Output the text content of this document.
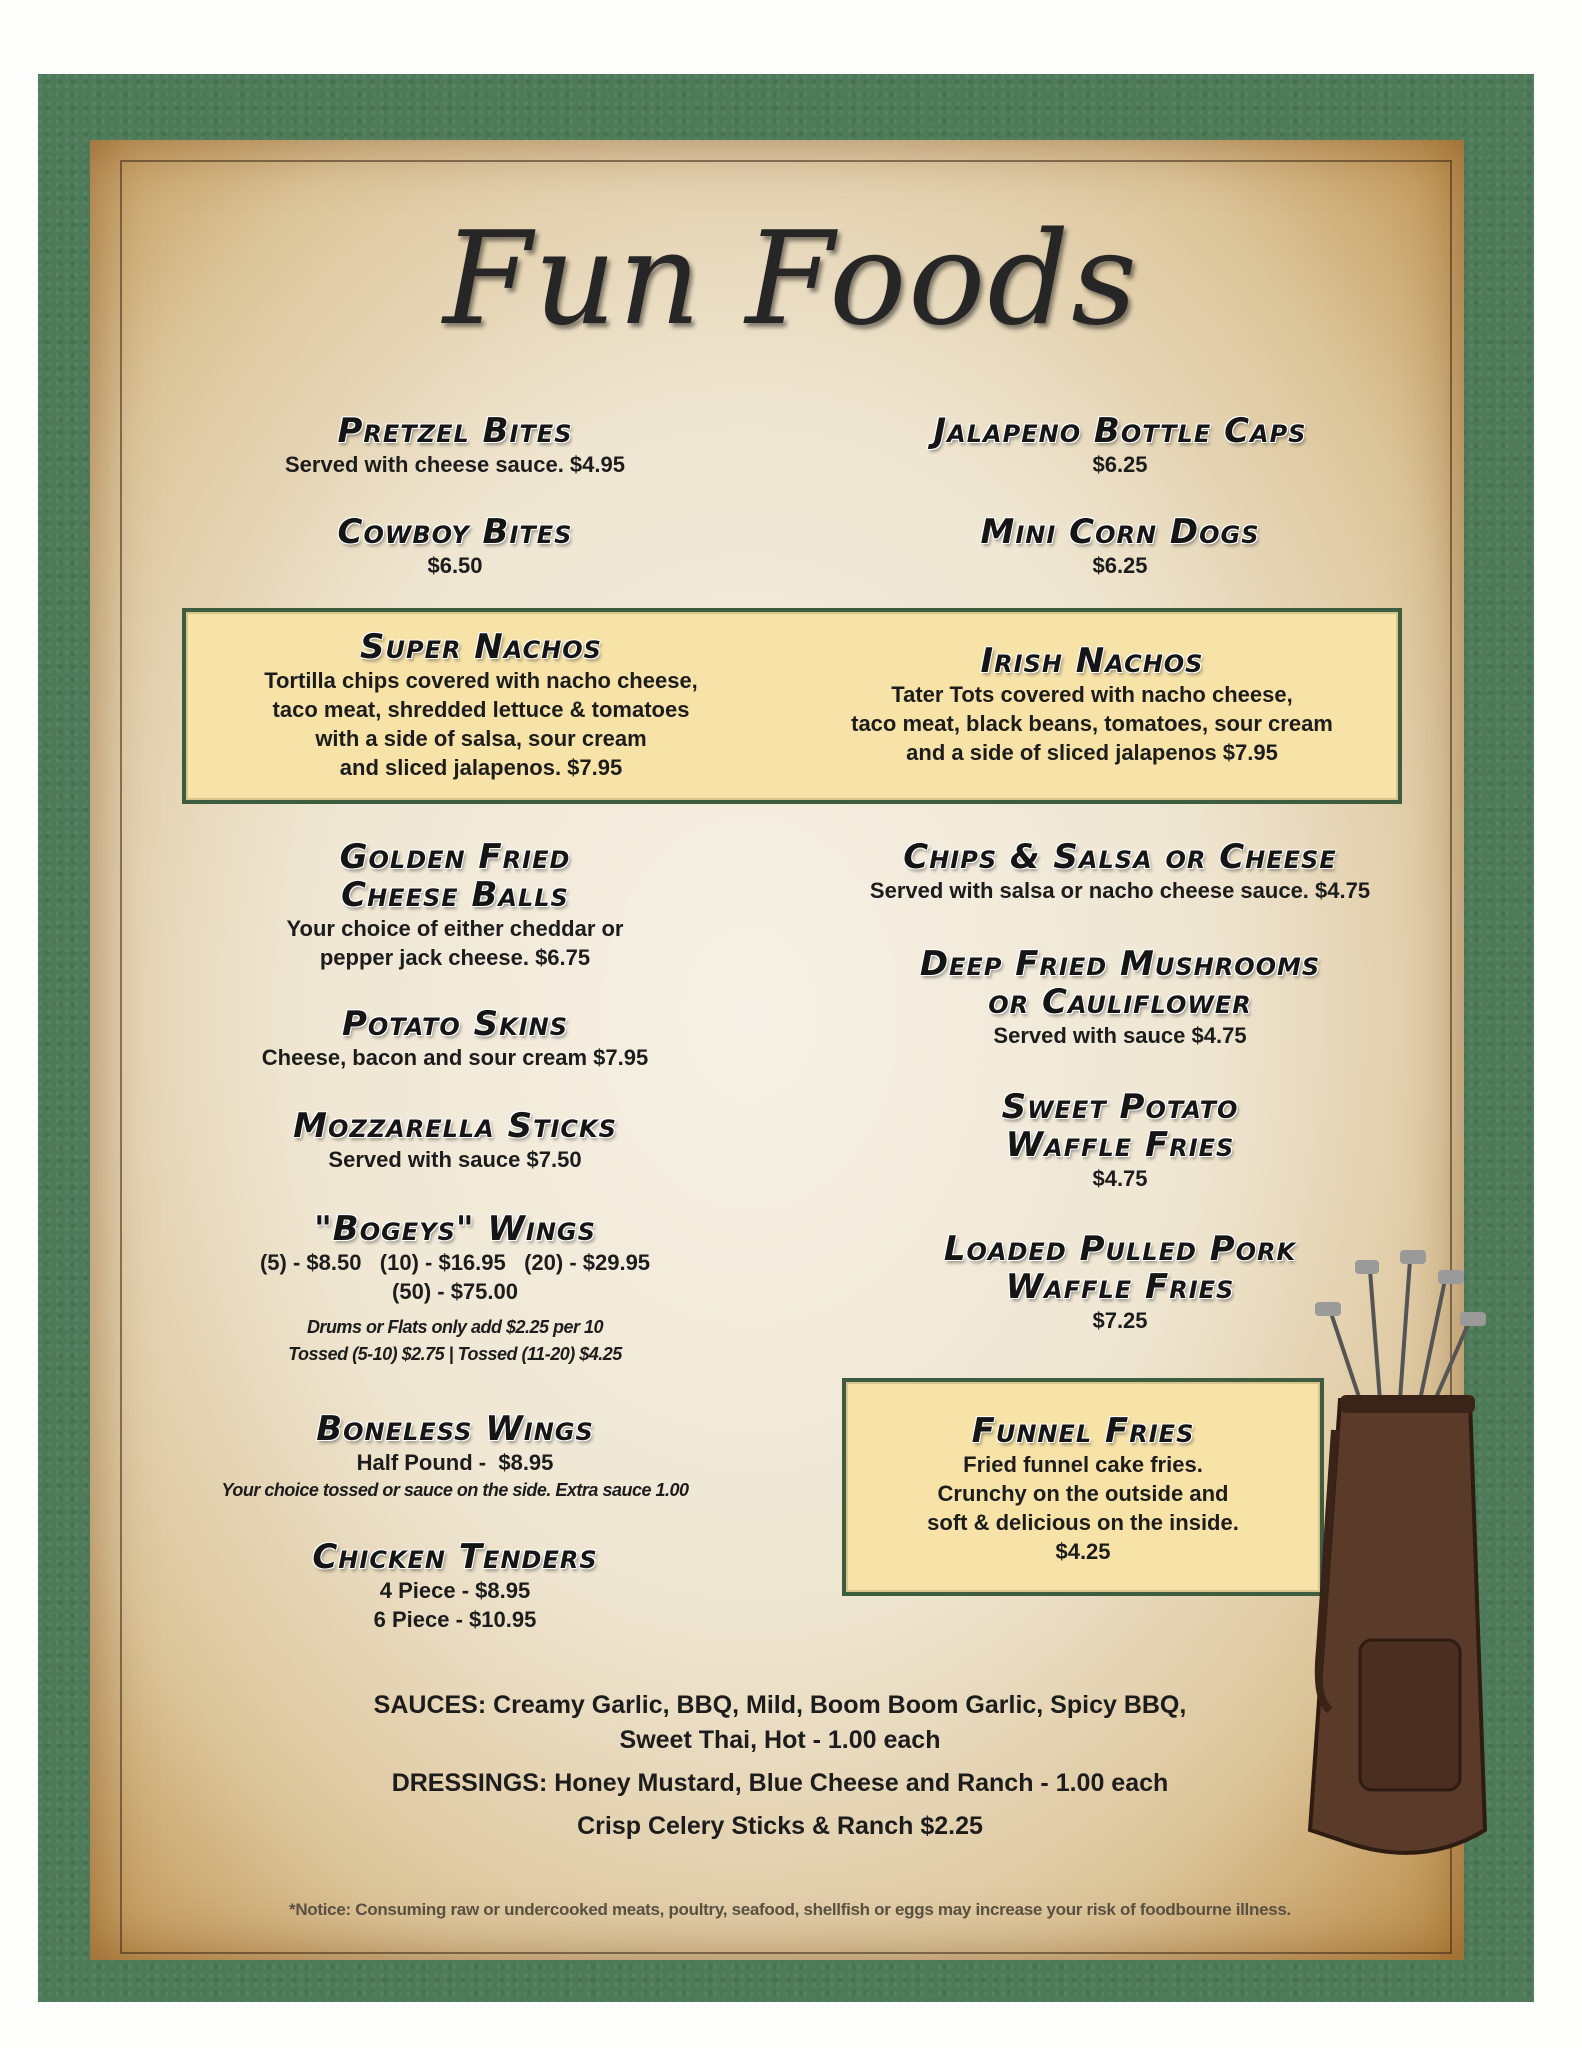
Fun Foods
Pretzel Bites
Served with cheese sauce. $4.95
Cowboy Bites
$6.50
Golden Fried
Cheese Balls
Your choice of either cheddar or
pepper jack cheese. $6.75
Potato Skins
Cheese, bacon and sour cream $7.95
Mozzarella Sticks
Served with sauce $7.50
"Bogeys" Wings
(5) - $8.50   (10) - $16.95   (20) - $29.95
(50) - $75.00
Drums or Flats only add $2.25 per 10
Tossed (5-10) $2.75 | Tossed (11-20) $4.25
Boneless Wings
Half Pound -  $8.95
Your choice tossed or sauce on the side. Extra sauce 1.00
Chicken Tenders
4 Piece - $8.95
6 Piece - $10.95
Jalapeno Bottle Caps
$6.25
Mini Corn Dogs
$6.25
Chips & Salsa or Cheese
Served with salsa or nacho cheese sauce. $4.75
Deep Fried Mushrooms
or Cauliflower
Served with sauce $4.75
Sweet Potato
Waffle Fries
$4.75
Loaded Pulled Pork
Waffle Fries
$7.25
Super Nachos
Tortilla chips covered with nacho cheese,
taco meat, shredded lettuce & tomatoes
with a side of salsa, sour cream
and sliced jalapenos. $7.95
Irish Nachos
Tater Tots covered with nacho cheese,
taco meat, black beans, tomatoes, sour cream
and a side of sliced jalapenos $7.95
Funnel Fries
Fried funnel cake fries.
Crunchy on the outside and
soft & delicious on the inside.
$4.25
SAUCES: Creamy Garlic, BBQ, Mild, Boom Boom Garlic, Spicy BBQ,
Sweet Thai, Hot - 1.00 each
DRESSINGS: Honey Mustard, Blue Cheese and Ranch - 1.00 each
Crisp Celery Sticks & Ranch $2.25
*Notice: Consuming raw or undercooked meats, poultry, seafood, shellfish or eggs may increase your risk of foodbourne illness.
